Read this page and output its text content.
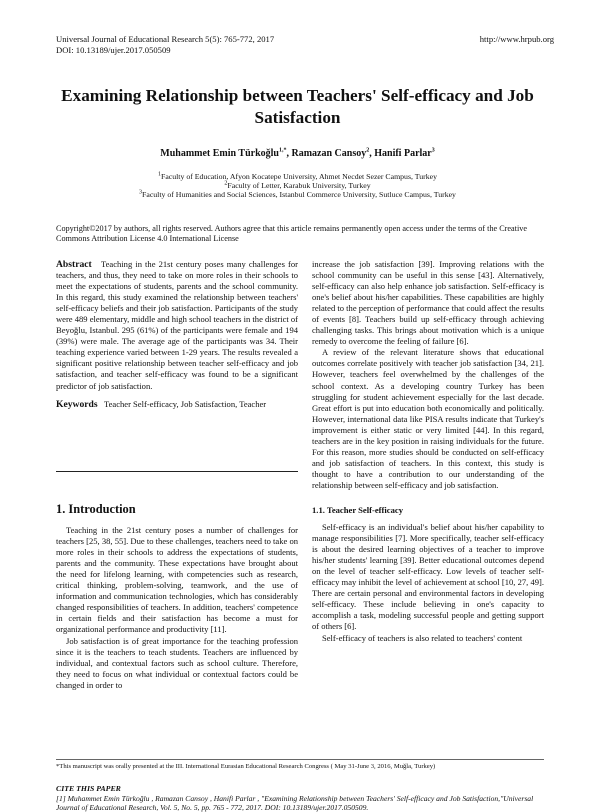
Universal Journal of Educational Research 5(5): 765-772, 2017
DOI: 10.13189/ujer.2017.050509
http://www.hrpub.org
Examining Relationship between Teachers' Self-efficacy and Job Satisfaction
Muhammet Emin Türkoğlu$^{1,*}$, Ramazan Cansoy$^2$, Hanifi Parlar$^3$
$^1$Faculty of Education, Afyon Kocatepe University, Ahmet Necdet Sezer Campus, Turkey
$^2$Faculty of Letter, Karabuk University, Turkey
$^3$Faculty of Humanities and Social Sciences, Istanbul Commerce University, Sutluce Campus, Turkey
Copyright©2017 by authors, all rights reserved. Authors agree that this article remains permanently open access under the terms of the Creative Commons Attribution License 4.0 International License

Abstract Teaching in the 21st century poses many challenges for teachers, and thus, they need to take on more roles in their schools to meet the expectations of students, parents and the school community. In this regard, this study examined the relationship between teachers' self-efficacy beliefs and their job satisfaction. Participants of the study were 489 elementary, middle and high school teachers in the district of Beyoğlu, Istanbul. 295 (61%) of the participants were female and 194 (39%) were male. The average age of the participants was 34. Their teaching experience varied between 1-29 years. The results revealed a significant positive relationship between teacher self-efficacy and job satisfaction, and teacher self-efficacy was found to be a significant predictor of job satisfaction.

Keywords Teacher Self-efficacy, Job Satisfaction, Teacher

1. Introduction

Teaching in the 21st century poses a number of challenges for teachers [25, 38, 55]. Due to these challenges, teachers need to take on more roles in their schools to address the expectations of students, parents and the community. These expectations have brought about the need for lifelong learning, with competencies such as research, critical thinking, problem-solving, teamwork, and the use of information and communication technologies, which has considerably changed responsibilities of teachers. In addition, teachers' competence in certain fields and their satisfaction has become a must for organizational performance and productivity [11].

Job satisfaction is of great importance for the teaching profession since it is the teachers to teach students. Teachers are influenced by individual, and contextual factors such as school culture. Therefore, they need to focus on what individual or contextual factors could be changed in order to

increase the job satisfaction [39]. Improving relations with the school community can be useful in this sense [43]. Alternatively, self-efficacy can also help enhance job satisfaction. Self-efficacy is one's belief about his/her capabilities. These capabilities are highly related to the perception of performance that could affect the results of events [8]. Teachers build up self-efficacy through achieving challenging tasks. This brings about motivation which is a unique remedy to overcome the feeling of failure [6].

A review of the relevant literature shows that educational outcomes correlate positively with teacher job satisfaction [34, 21]. However, teachers feel overwhelmed by the challenges of the school context. As a developing country Turkey has been struggling for student achievement especially for the last decade. Great effort is put into education both economically and politically. However, international data like PISA results indicate that Turkey's improvement is either static or very limited [44]. In this regard, teachers are in the key position in raising individuals for the future. For this reason, more studies should be conducted on self-efficacy and job satisfaction of teachers. In this context, this study is thought to have a contribution to our understanding of the relationship between self-efficacy and job satisfaction.

1.1. Teacher Self-efficacy

Self-efficacy is an individual's belief about his/her capability to manage responsibilities [7]. More specifically, teacher self-efficacy is about the desired learning objectives of a teacher to improve his/her students' learning [39]. Better educational outcomes depend on the level of teacher self-efficacy. Low levels of teacher self-efficacy may inhibit the level of achievement at school [10, 27, 49]. There are certain personal and environmental factors in developing self-efficacy. These include believing in one's capacity to accomplish a task, modeling successful people and getting support of others [6].

Self-efficacy of teachers is also related to teachers' content

*This manuscript was orally presented at the III. International Eurasian Educational Research Congress ( May 31-June 3, 2016, Muğla, Turkey)
CITE THIS PAPER
[1] Muhammet Emin Türkoğlu , Ramazan Cansoy , Hanifi Parlar , "Examining Relationship between Teachers' Self-efficacy and Job Satisfaction,"Universal Journal of Educational Research, Vol. 5, No. 5, pp. 765 - 772, 2017. DOI: 10.13189/ujer.2017.050509.
